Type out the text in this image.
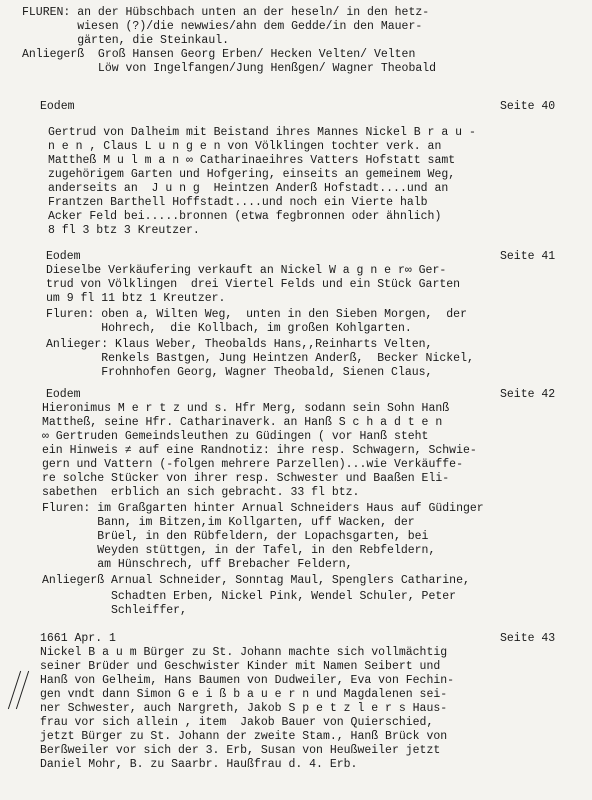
FLUREN: an der Hübschbach unten an der heseln/ in den hetz-
wiesen (?)/die newwies/ahn dem Gedde/in den Mauer-
gärten, die Steinkaul.
Anliegerß  Groß Hansen Georg Erben/ Hecken Velten/ Velten
Löw von Ingelfangen/Jung Henßgen/ Wagner Theobald
Eodem	Seite 40
Gertrud von Dalheim mit Beistand ihres Mannes Nickel B r a u -
n e n , Claus L u n g e n von Völklingen tochter verk. an
Mattheß M u l m a n ∞ Catharinaeihres Vatters Hofstatt samt
zugehörigem Garten und Hofgering, einseits an gemeinem Weg,
anderseits an  J u n g  Heintzen Anderß Hofstadt....und an
Frantzen Barthell Hoffstadt....und noch ein Vierte halb
Acker Feld bei.....bronnen (etwa fegbronnen oder ähnlich)
8 fl 3 btz 3 Kreutzer.
Eodem	Seite 41
Dieselbe Verkäufering verkauft an Nickel W a g n e r∞ Ger-
trud von Völklingen  drei Viertel Felds und ein Stück Garten
um 9 fl 11 btz 1 Kreutzer.
Fluren: oben a, Wilten Weg,  unten in den Sieben Morgen,  der
Hohrech,  die Kollbach, im großen Kohlgarten.
Anlieger: Klaus Weber, Theobalds Hans,,Reinharts Velten,
Renkels Bastgen, Jung Heintzen Anderß,  Becker Nickel,
Frohnhofen Georg, Wagner Theobald, Sienen Claus,
Eodem	Seite 42
Hieronimus M e r t z und s. Hfr Merg, sodann sein Sohn Hanß
Mattheß, seine Hfr. Catharinaverk. an Hanß S c h a d t e n
∞ Gertruden Gemeindsleuthen zu Güdingen ( vor Hanß steht
ein Hinweis ≠ auf eine Randnotiz: ihre resp. Schwagern, Schwie-
gern und Vattern (-folgen mehrere Parzellen)...wie Verkäuffe-
re solche Stücker von ihrer resp. Schwester und Baaßen Eli-
sabethen  erblich an sich gebracht. 33 fl btz.
Fluren: im Graßgarten hinter Arnual Schneiders Haus auf Güdinger
Bann, im Bitzen,im Kollgarten, uff Wacken, der
Brüel, in den Rübfeldern, der Lopachsgarten, bei
Weyden stüttgen, in der Tafel, in den Rebfeldern,
am Hünschrech, uff Brebacher Feldern,
Anliegerß Arnual Schneider, Sonntag Maul, Spenglers Catharine,
Schadten Erben, Nickel Pink, Wendel Schuler, Peter
Schleiffer,
1661 Apr. 1	Seite 43
Nickel B a u m Bürger zu St. Johann machte sich vollmächtig
seiner Brüder und Geschwister Kinder mit Namen Seibert und
Hanß von Gelheim, Hans Baumen von Dudweiler, Eva von Fechin-
gen vndt dann Simon G e i ß b a u e r n und Magdalenen sei-
ner Schwester, auch Nargreth, Jakob S p e t z l e r s Haus-
frau vor sich allein , item  Jakob Bauer von Quierschied,
jetzt Bürger zu St. Johann der zweite Stam., Hanß Brück von
Berßweiler vor sich der 3. Erb, Susan von Heußweiler jetzt
Daniel Mohr, B. zu Saarbr. Haußfrau d. 4. Erb.
